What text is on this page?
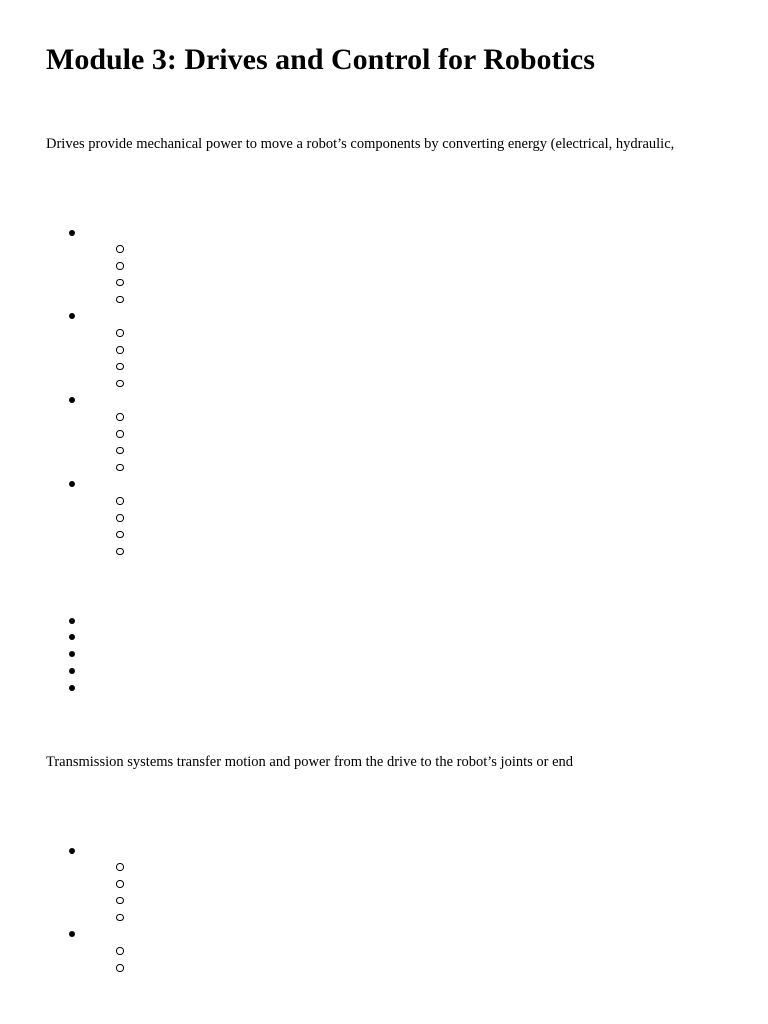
Module 3: Drives and Control for Robotics

Drives provide mechanical power to move a robot’s components by converting energy (electrical, hydraulic,

Transmission systems transfer motion and power from the drive to the robot’s joints or end
